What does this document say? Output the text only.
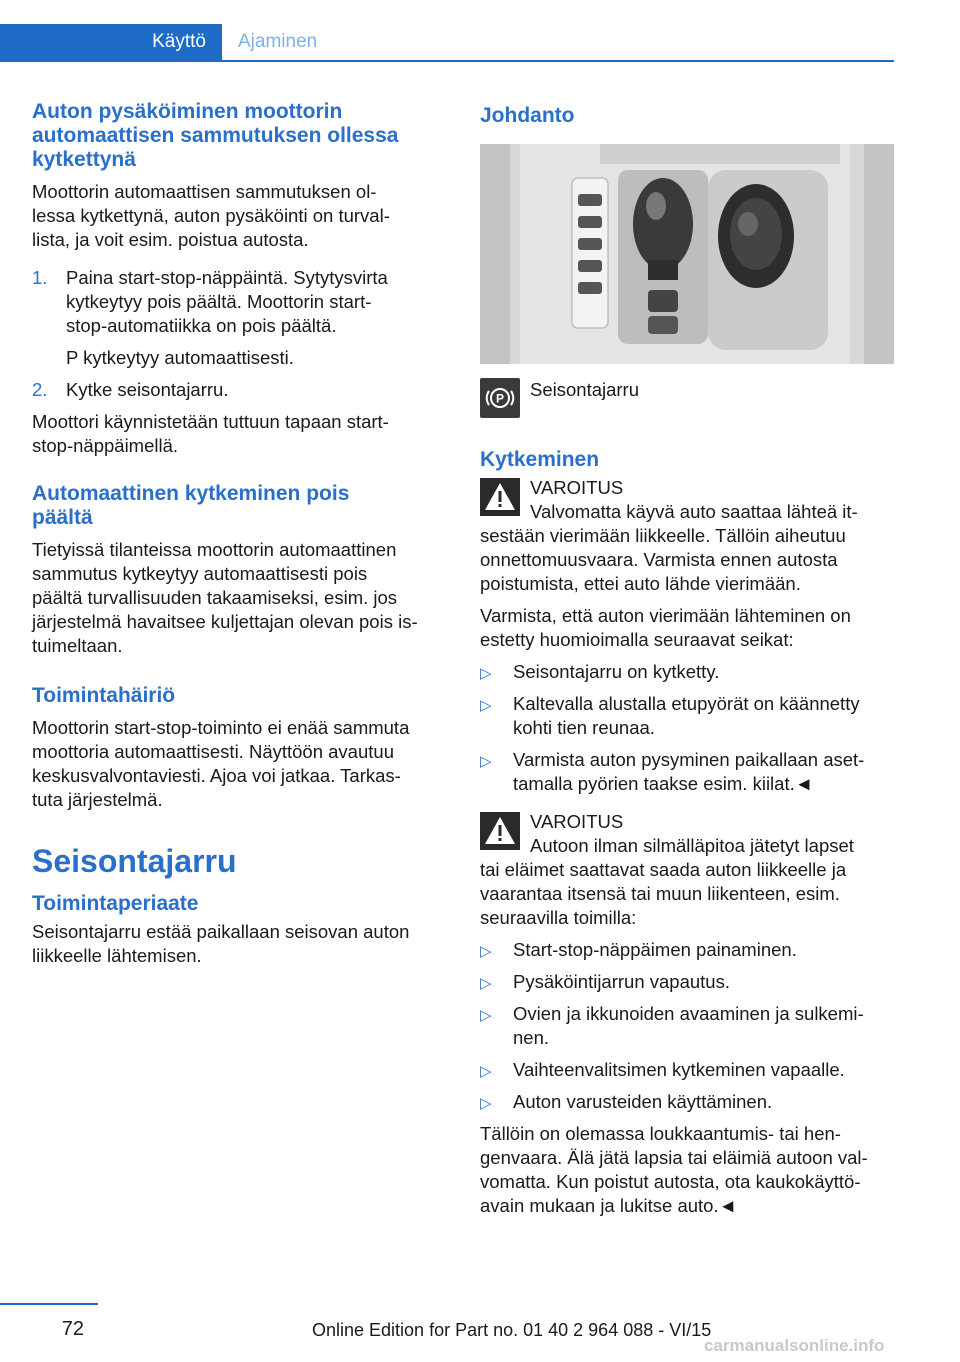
Käyttö Ajaminen
Auton pysäköiminen moottorin automaattisen sammutuksen ollessa kytkettynä

Moottorin automaattisen sammutuksen ol-
lessa kytkettynä, auton pysäköinti on turval-
lista, ja voit esim. poistua autosta.

1. Paina start-stop-näppäintä. Sytytysvirta
kytkeytyy pois päältä. Moottorin start-
stop-automatiikka on pois päältä.
P kytkeytyy automaattisesti.
2. Kytke seisontajarru.

Moottori käynnistetään tuttuun tapaan start-
stop-näppäimellä.

Automaattinen kytkeminen pois
päältä

Tietyissä tilanteissa moottorin automaattinen
sammutus kytkeytyy automaattisesti pois
päältä turvallisuuden takaamiseksi, esim. jos
järjestelmä havaitsee kuljettajan olevan pois is-
tuimeltaan.

Toimintahäiriö

Moottorin start-stop-toiminto ei enää sammuta
moottoria automaattisesti. Näyttöön avautuu
keskusvalvontaviesti. Ajoa voi jatkaa. Tarkas-
tuta järjestelmä.

Seisontajarru
Toimintaperiaate

Seisontajarru estää paikallaan seisovan auton
liikkeelle lähtemisen.

Johdanto
P Seisontajarru
Kytkeminen

VAROITUS

Valvomatta käyvä auto saattaa lähteä it-
sestään vierimään liikkeelle. Tällöin aiheutuu
onnettomuusvaara. Varmista ennen autosta
poistumista, ettei auto lähde vierimään.

Varmista, että auton vierimään lähteminen on
estetty huomioimalla seuraavat seikat:

▷ Seisontajarru on kytketty.
▷ Kaltevalla alustalla etupyörät on käännetty
kohti tien reunaa.
▷ Varmista auton pysyminen paikallaan aset-
tamalla pyörien taakse esim. kiilat.◄

VAROITUS

Autoon ilman silmälläpitoa jätetyt lapset
tai eläimet saattavat saada auton liikkeelle ja
vaarantaa itsensä tai muun liikenteen, esim.
seuraavilla toimilla:

▷ Start-stop-näppäimen painaminen.
▷ Pysäköintijarrun vapautus.
▷ Ovien ja ikkunoiden avaaminen ja sulkemi-
nen.
▷ Vaihteenvalitsimen kytkeminen vapaalle.
▷ Auton varusteiden käyttäminen.

Tällöin on olemassa loukkaantumis- tai hen-
genvaara. Älä jätä lapsia tai eläimiä autoon val-
vomatta. Kun poistut autosta, ota kaukokäyttö-
avain mukaan ja lukitse auto.◄

72	Online Edition for Part no. 01 40 2 964 088 - VI/15
carmanualsonline.info
